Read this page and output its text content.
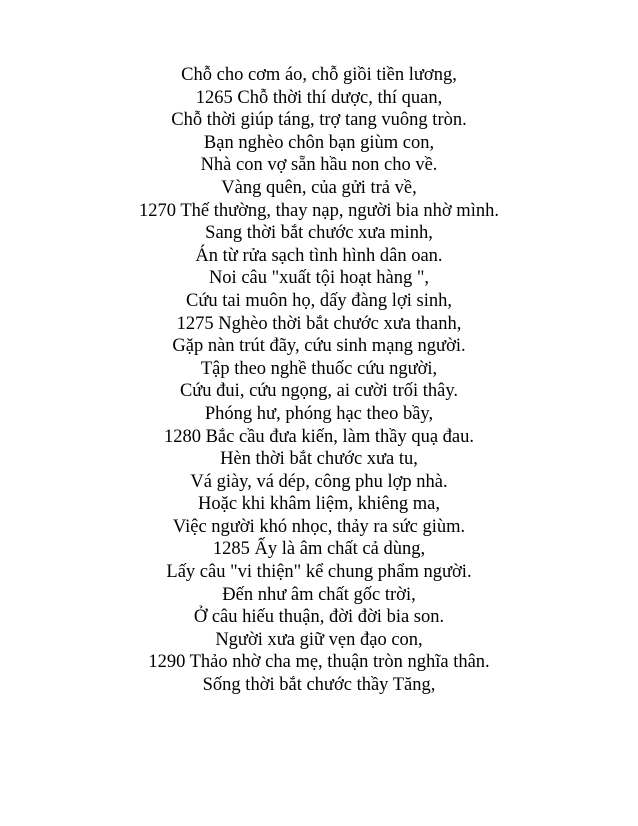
Chỗ cho cơm áo, chỗ giồi tiền lương,
1265 Chỗ thời thí dược, thí quan,
Chỗ thời giúp táng, trợ tang vuông tròn.
Bạn nghèo chôn bạn giùm con,
Nhà con vợ sẵn hầu non cho về.
Vàng quên, của gửi trả về,
1270 Thế thường, thay nạp, người bia nhờ mình.
Sang thời bắt chước xưa minh,
Án từ rửa sạch tình hình dân oan.
Noi câu "xuất tội hoạt hàng ",
Cứu tai muôn họ, dấy đàng lợi sinh,
1275 Nghèo thời bắt chước xưa thanh,
Gặp nàn trút đãy, cứu sinh mạng người.
Tập theo nghề thuốc cứu người,
Cứu đui, cứu ngọng, ai cười trối thây.
Phóng hư, phóng hạc theo bầy,
1280 Bắc cầu đưa kiến, làm thầy quạ đau.
Hèn thời bắt chước xưa tu,
Vá giày, vá dép, công phu lợp nhà.
Hoặc khi khâm liệm, khiêng ma,
Việc người khó nhọc, thảy ra sức giùm.
1285 Ấy là âm chất cả dùng,
Lấy câu "vi thiện" kể chung phẩm người.
Đến như âm chất gốc trời,
Ở câu hiếu thuận, đời đời bia son.
Người xưa giữ vẹn đạo con,
1290 Thảo nhờ cha mẹ, thuận tròn nghĩa thân.
Sống thời bắt chước thầy Tăng,
